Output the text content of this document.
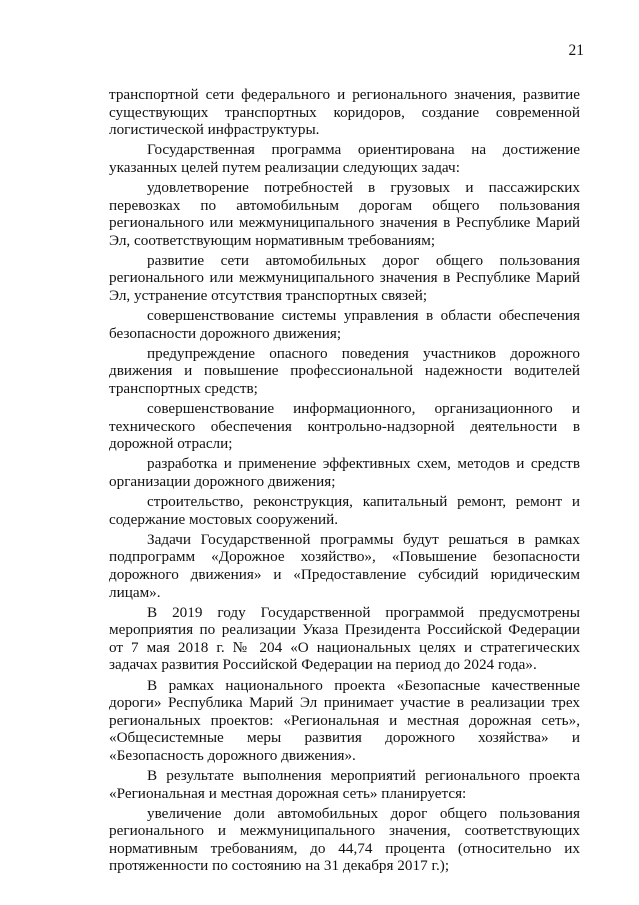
21

транспортной сети федерального и регионального значения, развитие существующих транспортных коридоров, создание современной логистической инфраструктуры.

Государственная программа ориентирована на достижение указанных целей путем реализации следующих задач:

удовлетворение потребностей в грузовых и пассажирских перевозках по автомобильным дорогам общего пользования регионального или межмуниципального значения в Республике Марий Эл, соответствующим нормативным требованиям;

развитие сети автомобильных дорог общего пользования регионального или межмуниципального значения в Республике Марий Эл, устранение отсутствия транспортных связей;

совершенствование системы управления в области обеспечения безопасности дорожного движения;

предупреждение опасного поведения участников дорожного движения и повышение профессиональной надежности водителей транспортных средств;

совершенствование информационного, организационного и технического обеспечения контрольно-надзорной деятельности в дорожной отрасли;

разработка и применение эффективных схем, методов и средств организации дорожного движения;

строительство, реконструкция, капитальный ремонт, ремонт и содержание мостовых сооружений.

Задачи Государственной программы будут решаться в рамках подпрограмм «Дорожное хозяйство», «Повышение безопасности дорожного движения» и «Предоставление субсидий юридическим лицам».

В 2019 году Государственной программой предусмотрены мероприятия по реализации Указа Президента Российской Федерации от 7 мая 2018 г. № 204 «О национальных целях и стратегических задачах развития Российской Федерации на период до 2024 года».

В рамках национального проекта «Безопасные качественные дороги» Республика Марий Эл принимает участие в реализации трех региональных проектов: «Региональная и местная дорожная сеть», «Общесистемные меры развития дорожного хозяйства» и «Безопасность дорожного движения».

В результате выполнения мероприятий регионального проекта «Региональная и местная дорожная сеть» планируется:

увеличение доли автомобильных дорог общего пользования регионального и межмуниципального значения, соответствующих нормативным требованиям, до 44,74 процента (относительно их протяженности по состоянию на 31 декабря 2017 г.);
